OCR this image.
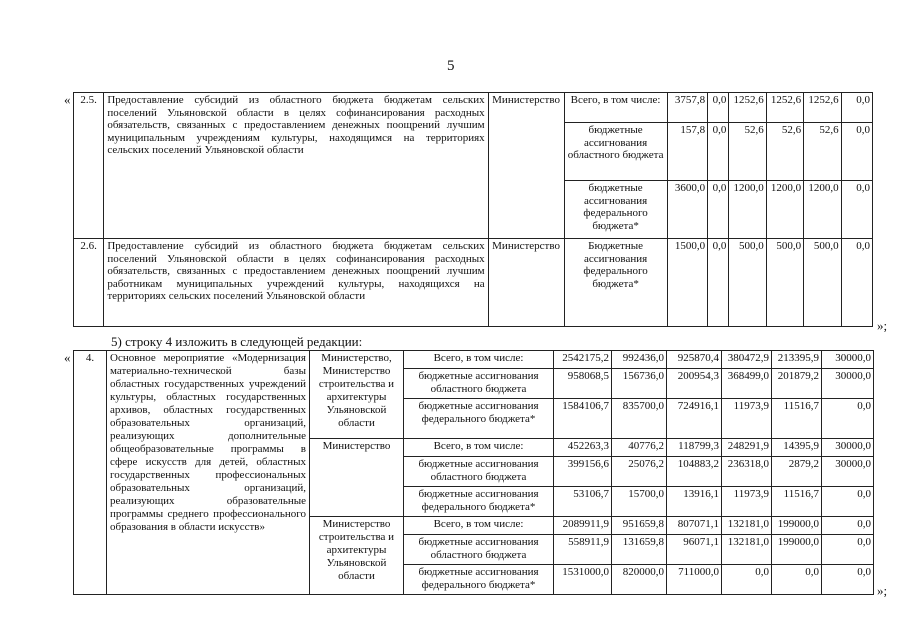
5
«
»;
«
»;
2.5.	Предоставление субсидий из областного бюджета бюджетам сельских поселений Ульяновской области в целях софинансирования расходных обязательств, связанных с предоставлением денежных поощрений лучшим муниципальным учреждениям культуры, находящимся на территориях сельских поселений Ульяновской области	Министерство	Всего, в том числе:	3757,8	0,0	1252,6	1252,6	1252,6	0,0
			бюджетные ассигнования областного бюджета	157,8	0,0	52,6	52,6	52,6	0,0
			бюджетные ассигнования федерального бюджета*	3600,0	0,0	1200,0	1200,0	1200,0	0,0
2.6.	Предоставление субсидий из областного бюджета бюджетам сельских поселений Ульяновской области в целях софинансирования расходных обязательств, связанных с предоставлением денежных поощрений лучшим работникам муниципальных учреждений культуры, находящихся на территориях сельских поселений Ульяновской области	Министерство	Бюджетные ассигнования федерального бюджета*	1500,0	0,0	500,0	500,0	500,0	0,0
5) строку 4 изложить в следующей редакции:
4.	Основное мероприятие «Модернизация материально-технической базы областных государственных учреждений культуры, областных государственных архивов, областных государственных образовательных организаций, реализующих дополнительные общеобразовательные программы в сфере искусств для детей, областных государственных профессиональных образовательных организаций, реализующих образовательные программы среднего профессионального образования в области искусств»	Министерство, Министерство строительства и архитектуры Ульяновской области	Всего, в том числе:	2542175,2	992436,0	925870,4	380472,9	213395,9	30000,0
			бюджетные ассигнования областного бюджета	958068,5	156736,0	200954,3	368499,0	201879,2	30000,0
			бюджетные ассигнования федерального бюджета*	1584106,7	835700,0	724916,1	11973,9	11516,7	0,0
		Министерство	Всего, в том числе:	452263,3	40776,2	118799,3	248291,9	14395,9	30000,0
			бюджетные ассигнования областного бюджета	399156,6	25076,2	104883,2	236318,0	2879,2	30000,0
			бюджетные ассигнования федерального бюджета*	53106,7	15700,0	13916,1	11973,9	11516,7	0,0
		Министерство строительства и архитектуры Ульяновской области	Всего, в том числе:	2089911,9	951659,8	807071,1	132181,0	199000,0	0,0
			бюджетные ассигнования областного бюджета	558911,9	131659,8	96071,1	132181,0	199000,0	0,0
			бюджетные ассигнования федерального бюджета*	1531000,0	820000,0	711000,0	0,0	0,0	0,0
